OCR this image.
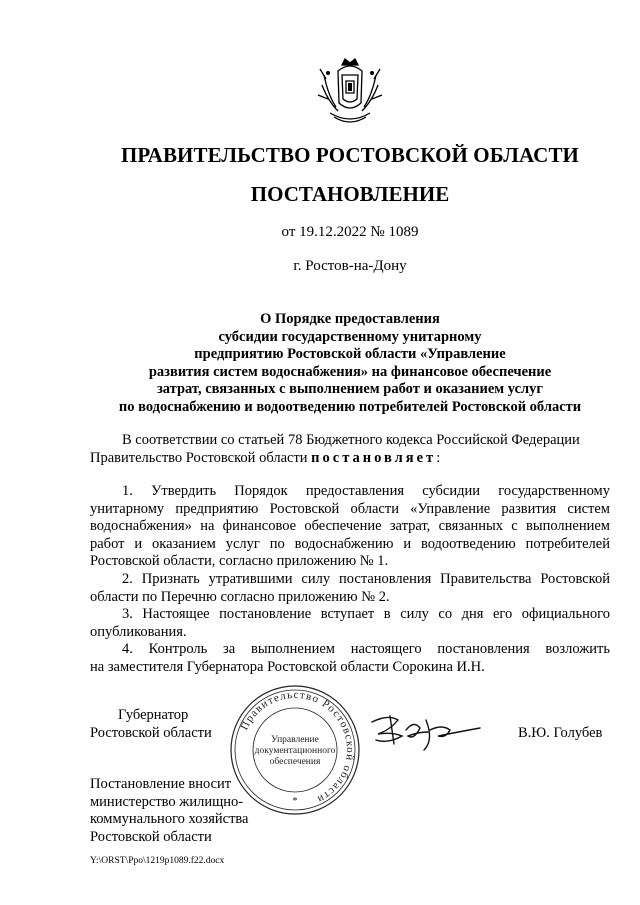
ПРАВИТЕЛЬСТВО РОСТОВСКОЙ ОБЛАСТИ
ПОСТАНОВЛЕНИЕ
от 19.12.2022 № 1089
г. Ростов-на-Дону
О Порядке предоставления
субсидии государственному унитарному
предприятию Ростовской области «Управление
развития систем водоснабжения» на финансовое обеспечение
затрат, связанных с выполнением работ и оказанием услуг
по водоснабжению и водоотведению потребителей Ростовской области
В соответствии со статьей 78 Бюджетного кодекса Российской Федерации
Правительство Ростовской области постановляет:
1. Утвердить Порядок предоставления субсидии государственному
унитарному предприятию Ростовской области «Управление развития систем
водоснабжения» на финансовое обеспечение затрат, связанных с выполнением
работ и оказанием услуг по водоснабжению и водоотведению потребителей
Ростовской области, согласно приложению № 1.
2. Признать утратившими силу постановления Правительства Ростовской
области по Перечню согласно приложению № 2.
3. Настоящее постановление вступает в силу со дня его официального
опубликования.
4. Контроль за выполнением настоящего постановления возложить
на заместителя Губернатора Ростовской области Сорокина И.Н.
Губернатор
Ростовской области Правительство Ростовской области
Управление
документационного
обеспечения
*
В.Ю. Голубев
Постановление вносит
министерство жилищно-
коммунального хозяйства
Ростовской области
Y:\ORST\Ppo\1219p1089.f22.docx
